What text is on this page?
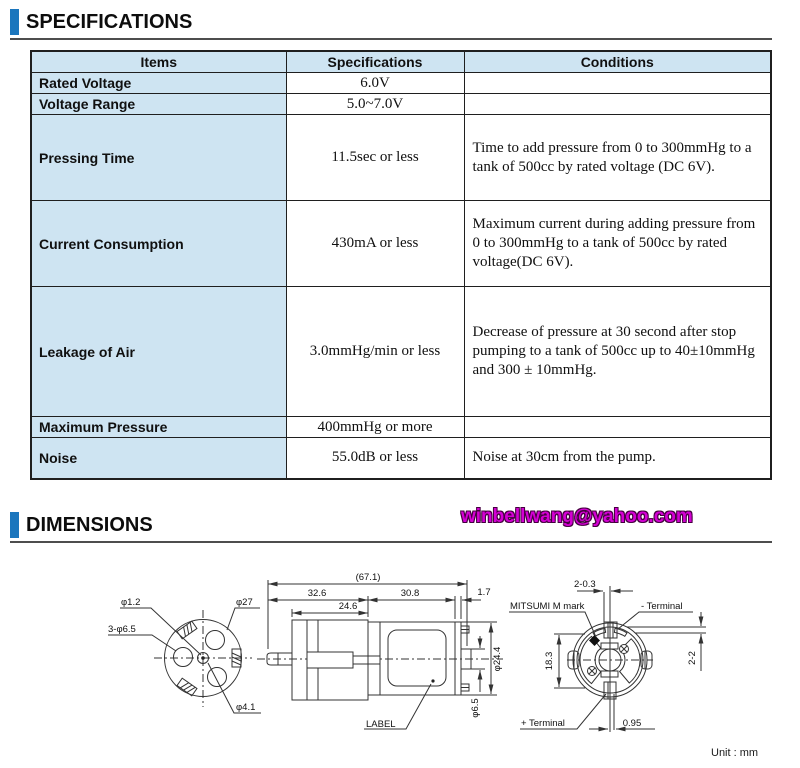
SPECIFICATIONS
Items	Specifications	Conditions
Rated Voltage	6.0V	
Voltage Range	5.0~7.0V	
Pressing Time	11.5sec or less	Time to add pressure from 0 to 300mmHg to a tank of 500cc by rated voltage (DC 6V).
Current Consumption	430mA or less	Maximum current during adding pressure from 0 to 300mmHg to a tank of 500cc by rated voltage(DC 6V).
Leakage of Air	3.0mmHg/min or less	Decrease of pressure at 30 second after stop pumping to a tank of 500cc up to 40±10mmHg and 300 ± 10mmHg.
Maximum Pressure	400mmHg or more	
Noise	55.0dB or less	Noise at 30cm from the pump.
DIMENSIONS	winbellwang@yahoo.com
φ1.2	φ27
3-φ6.5
φ4.1
(67.1)
32.6	30.8	1.7
24.6
φ24.4
φ6.5
LABEL
2-0.3
MITSUMI M mark	- Terminal
18.3	2-2
+ Terminal	0.95
Unit : mm
